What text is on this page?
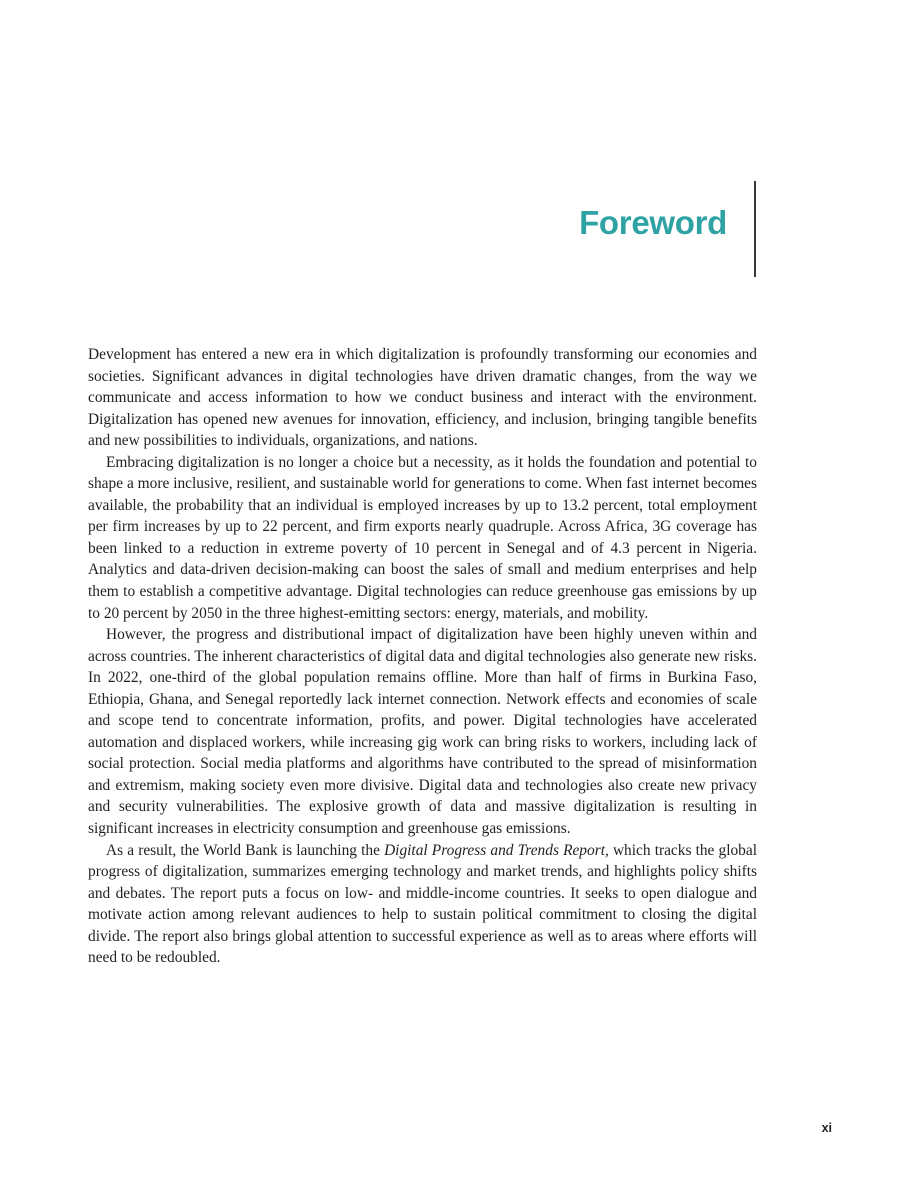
Foreword

Development has entered a new era in which digitalization is profoundly transforming our economies and societies. Significant advances in digital technologies have driven dramatic changes, from the way we communicate and access information to how we conduct business and interact with the environment. Digitalization has opened new avenues for innovation, efficiency, and inclusion, bringing tangible benefits and new possibilities to individuals, organizations, and nations.

Embracing digitalization is no longer a choice but a necessity, as it holds the foundation and potential to shape a more inclusive, resilient, and sustainable world for generations to come. When fast internet becomes available, the probability that an individual is employed increases by up to 13.2 percent, total employment per firm increases by up to 22 percent, and firm exports nearly quadruple. Across Africa, 3G coverage has been linked to a reduction in extreme poverty of 10 percent in Senegal and of 4.3 percent in Nigeria. Analytics and data-driven decision-making can boost the sales of small and medium enterprises and help them to establish a competitive advantage. Digital technologies can reduce greenhouse gas emissions by up to 20 percent by 2050 in the three highest-emitting sectors: energy, materials, and mobility.

However, the progress and distributional impact of digitalization have been highly uneven within and across countries. The inherent characteristics of digital data and digital technologies also generate new risks. In 2022, one-third of the global population remains offline. More than half of firms in Burkina Faso, Ethiopia, Ghana, and Senegal reportedly lack internet connection. Network effects and economies of scale and scope tend to concentrate information, profits, and power. Digital technologies have accelerated automation and displaced workers, while increasing gig work can bring risks to workers, including lack of social protection. Social media platforms and algorithms have contributed to the spread of misinformation and extremism, making society even more divisive. Digital data and technologies also create new privacy and security vulnerabilities. The explosive growth of data and massive digitalization is resulting in significant increases in electricity consumption and greenhouse gas emissions.

As a result, the World Bank is launching the Digital Progress and Trends Report, which tracks the global progress of digitalization, summarizes emerging technology and market trends, and highlights policy shifts and debates. The report puts a focus on low- and middle-income countries. It seeks to open dialogue and motivate action among relevant audiences to help to sustain political commitment to closing the digital divide. The report also brings global attention to successful experience as well as to areas where efforts will need to be redoubled.

xi
